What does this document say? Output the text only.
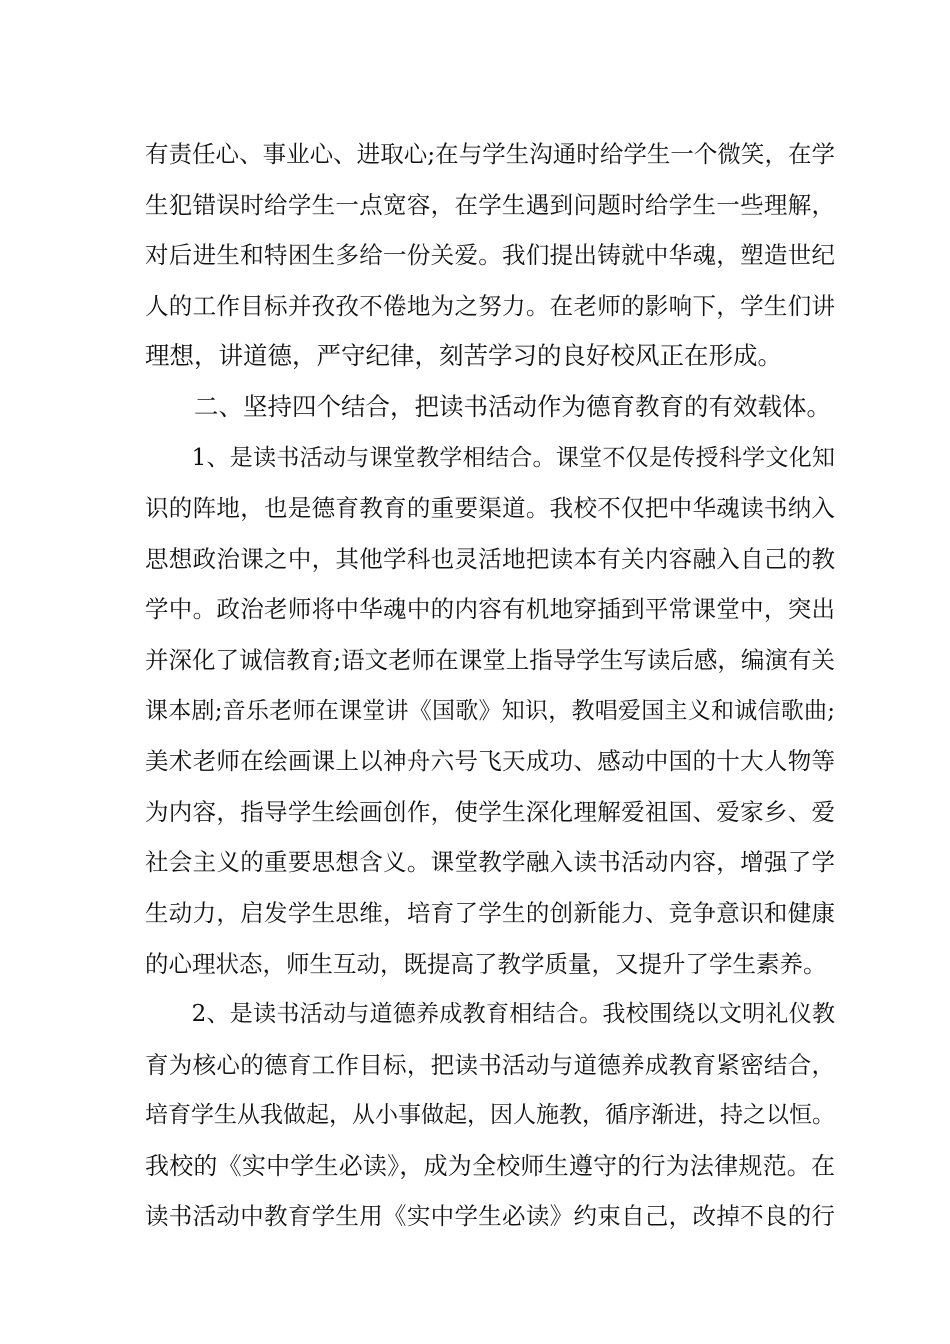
有责任心、事业心、进取心;在与学生沟通时给学生一个微笑，在学
生犯错误时给学生一点宽容，在学生遇到问题时给学生一些理解，
对后进生和特困生多给一份关爱。我们提出铸就中华魂，塑造世纪
人的工作目标并孜孜不倦地为之努力。在老师的影响下，学生们讲
理想，讲道德，严守纪律，刻苦学习的良好校风正在形成。
　　二、坚持四个结合，把读书活动作为德育教育的有效载体。
　　1、是读书活动与课堂教学相结合。课堂不仅是传授科学文化知
识的阵地，也是德育教育的重要渠道。我校不仅把中华魂读书纳入
思想政治课之中，其他学科也灵活地把读本有关内容融入自己的教
学中。政治老师将中华魂中的内容有机地穿插到平常课堂中，突出
并深化了诚信教育;语文老师在课堂上指导学生写读后感，编演有关
课本剧;音乐老师在课堂讲《国歌》知识，教唱爱国主义和诚信歌曲;
美术老师在绘画课上以神舟六号飞天成功、感动中国的十大人物等
为内容，指导学生绘画创作，使学生深化理解爱祖国、爱家乡、爱
社会主义的重要思想含义。课堂教学融入读书活动内容，增强了学
生动力，启发学生思维，培育了学生的创新能力、竞争意识和健康
的心理状态，师生互动，既提高了教学质量，又提升了学生素养。
　　2、是读书活动与道德养成教育相结合。我校围绕以文明礼仪教
育为核心的德育工作目标，把读书活动与道德养成教育紧密结合，
培育学生从我做起，从小事做起，因人施教，循序渐进，持之以恒。
我校的《实中学生必读》，成为全校师生遵守的行为法律规范。在
读书活动中教育学生用《实中学生必读》约束自己，改掉不良的行
